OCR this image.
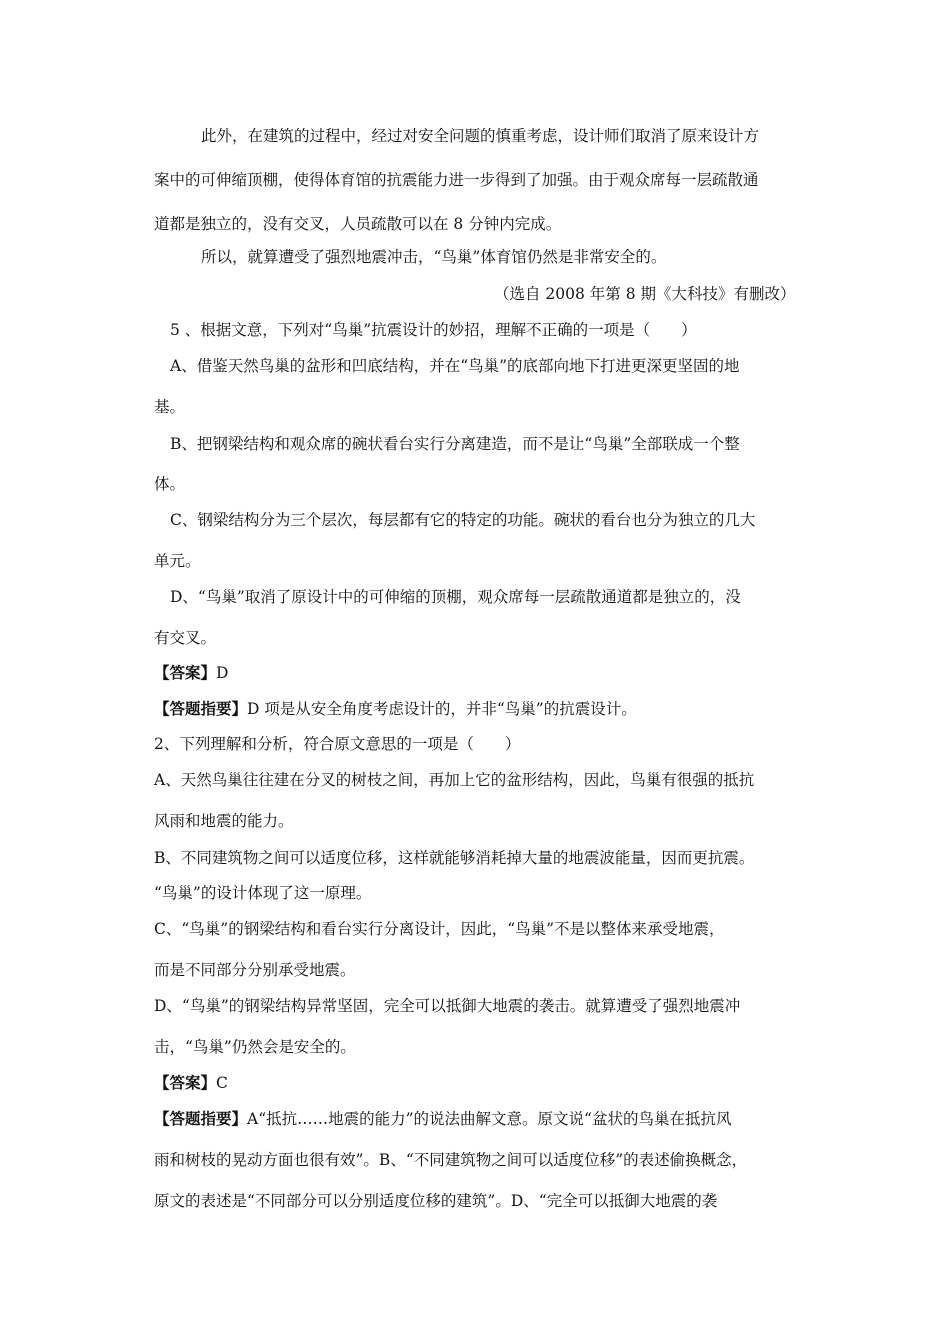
此外，在建筑的过程中，经过对安全问题的慎重考虑，设计师们取消了原来设计方
案中的可伸缩顶棚，使得体育馆的抗震能力进一步得到了加强。由于观众席每一层疏散通
道都是独立的，没有交叉，人员疏散可以在 8 分钟内完成。
所以，就算遭受了强烈地震冲击，“鸟巢”体育馆仍然是非常安全的。
（选自 2008 年第 8 期《大科技》有删改）
5 、根据文意，下列对“鸟巢”抗震设计的妙招，理解不正确的一项是（　　）
A、借鉴天然鸟巢的盆形和凹底结构，并在“鸟巢”的底部向地下打进更深更坚固的地
基。
B、把钢梁结构和观众席的碗状看台实行分离建造，而不是让“鸟巢”全部联成一个整
体。
C、钢梁结构分为三个层次，每层都有它的特定的功能。碗状的看台也分为独立的几大
单元。
D、“鸟巢”取消了原设计中的可伸缩的顶棚，观众席每一层疏散通道都是独立的，没
有交叉。
【答案】D
【答题指要】D 项是从安全角度考虑设计的，并非“鸟巢”的抗震设计。
2、下列理解和分析，符合原文意思的一项是（　　）
A、天然鸟巢往往建在分叉的树枝之间，再加上它的盆形结构，因此，鸟巢有很强的抵抗
风雨和地震的能力。
B、不同建筑物之间可以适度位移，这样就能够消耗掉大量的地震波能量，因而更抗震。
“鸟巢”的设计体现了这一原理。
C、“鸟巢”的钢梁结构和看台实行分离设计，因此，“鸟巢”不是以整体来承受地震，
而是不同部分分别承受地震。
D、“鸟巢”的钢梁结构异常坚固，完全可以抵御大地震的袭击。就算遭受了强烈地震冲
击，“鸟巢”仍然会是安全的。
【答案】C
【答题指要】A“抵抗……地震的能力”的说法曲解文意。原文说“盆状的鸟巢在抵抗风
雨和树枝的晃动方面也很有效”。B、“不同建筑物之间可以适度位移”的表述偷换概念，
原文的表述是“不同部分可以分别适度位移的建筑”。D、“完全可以抵御大地震的袭
